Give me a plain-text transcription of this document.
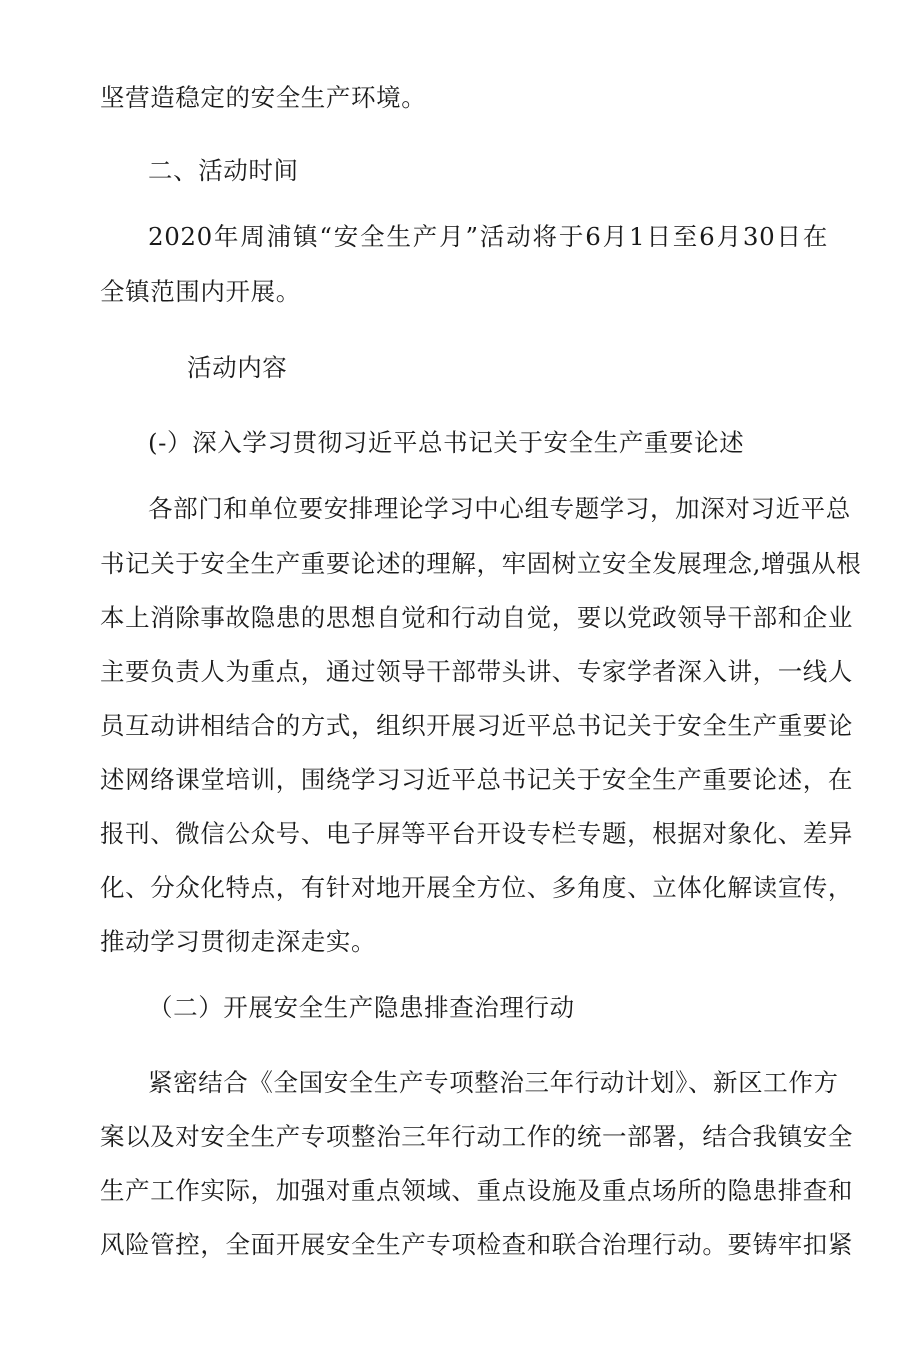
坚营造稳定的安全生产环境。
二、活动时间
2020年周浦镇“安全生产月”活动将于6月1日至6月30日在
全镇范围内开展。
活动内容
(-）深入学习贯彻习近平总书记关于安全生产重要论述
各部门和单位要安排理论学习中心组专题学习，加深对习近平总
书记关于安全生产重要论述的理解，牢固树立安全发展理念,增强从根
本上消除事故隐患的思想自觉和行动自觉，要以党政领导干部和企业
主要负责人为重点，通过领导干部带头讲、专家学者深入讲，一线人
员互动讲相结合的方式，组织开展习近平总书记关于安全生产重要论
述网络课堂培训，围绕学习习近平总书记关于安全生产重要论述，在
报刊、微信公众号、电子屏等平台开设专栏专题，根据对象化、差异
化、分众化特点，有针对地开展全方位、多角度、立体化解读宣传，
推动学习贯彻走深走实。
（二）开展安全生产隐患排查治理行动
紧密结合《全国安全生产专项整治三年行动计划》、新区工作方
案以及对安全生产专项整治三年行动工作的统一部署，结合我镇安全
生产工作实际，加强对重点领域、重点设施及重点场所的隐患排查和
风险管控，全面开展安全生产专项检查和联合治理行动。要铸牢扣紧
